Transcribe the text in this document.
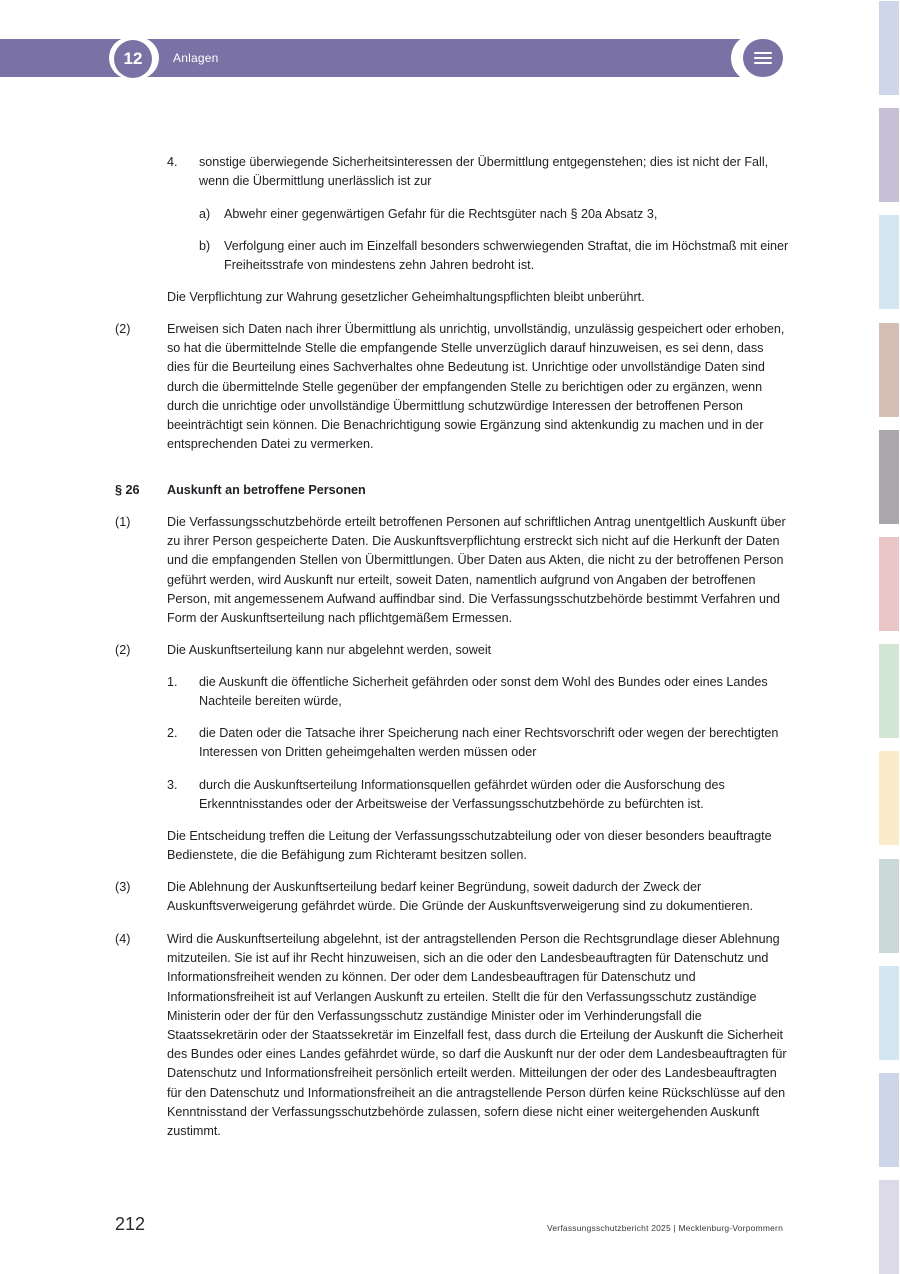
12	Anlagen
4. sonstige überwiegende Sicherheitsinteressen der Übermittlung entgegenstehen; dies ist nicht der Fall, wenn die Übermittlung unerlässlich ist zur

a) Abwehr einer gegenwärtigen Gefahr für die Rechtsgüter nach § 20a Absatz 3,

b) Verfolgung einer auch im Einzelfall besonders schwerwiegenden Straftat, die im Höchstmaß mit einer Freiheitsstrafe von mindestens zehn Jahren bedroht ist.

Die Verpflichtung zur Wahrung gesetzlicher Geheimhaltungspflichten bleibt unberührt.

(2)	Erweisen sich Daten nach ihrer Übermittlung als unrichtig, unvollständig, unzulässig gespeichert oder erhoben, so hat die übermittelnde Stelle die empfangende Stelle unverzüglich darauf hinzuweisen, es sei denn, dass dies für die Beurteilung eines Sachverhaltes ohne Bedeutung ist. Unrichtige oder unvollständige Daten sind durch die übermittelnde Stelle gegenüber der empfangenden Stelle zu berichtigen oder zu ergänzen, wenn durch die unrichtige oder unvollständige Übermittlung schutzwürdige Interessen der betroffenen Person beeinträchtigt sein können. Die Benachrichtigung sowie Ergänzung sind aktenkundig zu machen und in der entsprechenden Datei zu vermerken.

§ 26 Auskunft an betroffene Personen

(1)	Die Verfassungsschutzbehörde erteilt betroffenen Personen auf schriftlichen Antrag unentgeltlich Auskunft über zu ihrer Person gespeicherte Daten. Die Auskunftsverpflichtung erstreckt sich nicht auf die Herkunft der Daten und die empfangenden Stellen von Übermittlungen. Über Daten aus Akten, die nicht zu der betroffenen Person geführt werden, wird Auskunft nur erteilt, soweit Daten, namentlich aufgrund von Angaben der betroffenen Person, mit angemessenem Aufwand auffindbar sind. Die Verfassungsschutzbehörde bestimmt Verfahren und Form der Auskunftserteilung nach pflichtgemäßem Ermessen.

(2)	Die Auskunftserteilung kann nur abgelehnt werden, soweit

1. die Auskunft die öffentliche Sicherheit gefährden oder sonst dem Wohl des Bundes oder eines Landes Nachteile bereiten würde,

2. die Daten oder die Tatsache ihrer Speicherung nach einer Rechtsvorschrift oder wegen der berechtigten Interessen von Dritten geheimgehalten werden müssen oder

3. durch die Auskunftserteilung Informationsquellen gefährdet würden oder die Ausforschung des Erkenntnisstandes oder der Arbeitsweise der Verfassungsschutzbehörde zu befürchten ist.

Die Entscheidung treffen die Leitung der Verfassungsschutzabteilung oder von dieser besonders beauftragte Bedienstete, die die Befähigung zum Richteramt besitzen sollen.

(3)	Die Ablehnung der Auskunftserteilung bedarf keiner Begründung, soweit dadurch der Zweck der Auskunftsverweigerung gefährdet würde. Die Gründe der Auskunftsverweigerung sind zu dokumentieren.

(4)	Wird die Auskunftserteilung abgelehnt, ist der antragstellenden Person die Rechtsgrundlage dieser Ablehnung mitzuteilen. Sie ist auf ihr Recht hinzuweisen, sich an die oder den Landesbeauftragten für Datenschutz und Informationsfreiheit wenden zu können. Der oder dem Landesbeauftragen für Datenschutz und Informationsfreiheit ist auf Verlangen Auskunft zu erteilen. Stellt die für den Verfassungsschutz zuständige Ministerin oder der für den Verfassungsschutz zuständige Minister oder im Verhinderungsfall die Staatssekretärin oder der Staatssekretär im Einzelfall fest, dass durch die Erteilung der Auskunft die Sicherheit des Bundes oder eines Landes gefährdet würde, so darf die Auskunft nur der oder dem Landesbeauftragten für Datenschutz und Informationsfreiheit persönlich erteilt werden. Mitteilungen der oder des Landesbeauftragten für den Datenschutz und Informationsfreiheit an die antragstellende Person dürfen keine Rückschlüsse auf den Kenntnisstand der Verfassungsschutzbehörde zulassen, sofern diese nicht einer weitergehenden Auskunft zustimmt.

212	Verfassungsschutzbericht 2025 | Mecklenburg-Vorpommern
